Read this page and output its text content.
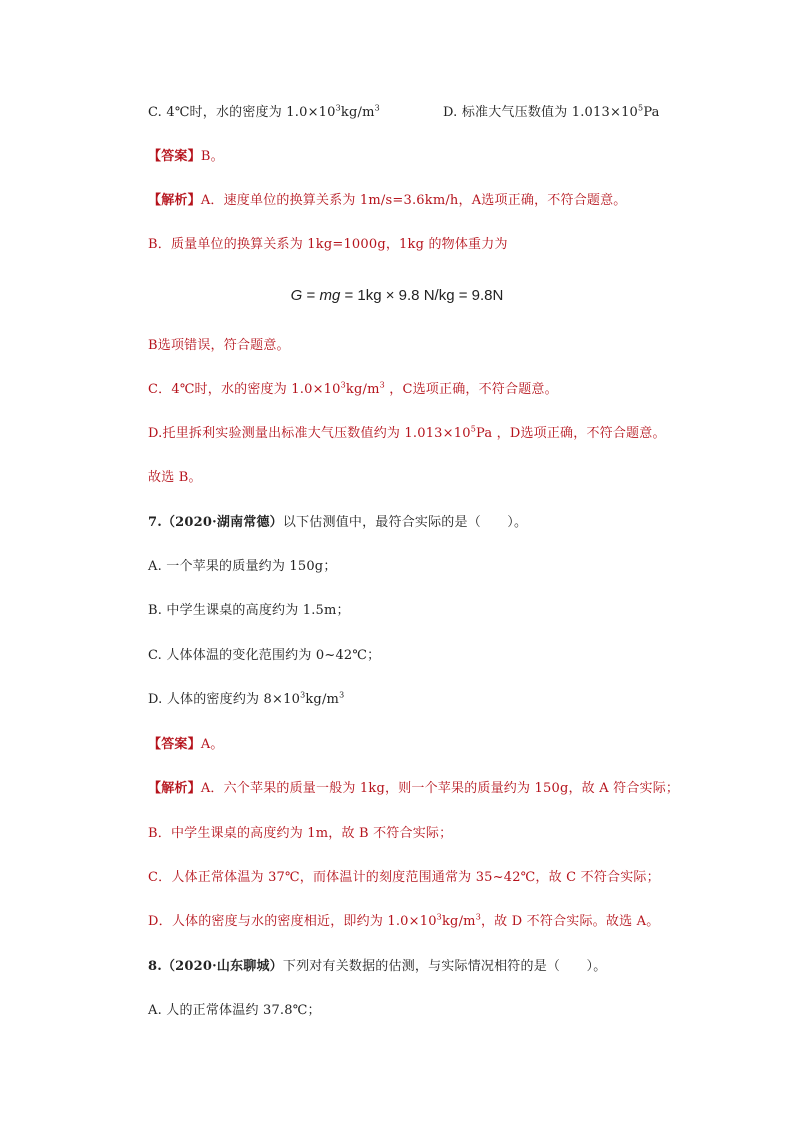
C. 4℃时，水的密度为 $1.0\times 10^3kg/m^3$	D. 标准大气压数值为 $1.013\times 10^5Pa$
【答案】B。
【解析】A．速度单位的换算关系为 1m/s=3.6km/h，A选项正确，不符合题意。
B．质量单位的换算关系为 1kg=1000g，1kg 的物体重力为
G = mg = 1kg × 9.8 N/kg = 9.8N
B选项错误，符合题意。
C．4℃时，水的密度为 $1.0\times 10^3kg/m^3$ ，C选项正确，不符合题意。
D.托里拆利实验测量出标准大气压数值约为 $1.013\times 10^5Pa$ ，D选项正确，不符合题意。
故选 B。
7.（2020·湖南常德）以下估测值中，最符合实际的是（　　）。
A. 一个苹果的质量约为 150g；
B. 中学生课桌的高度约为 1.5m；
C. 人体体温的变化范围约为 0~42℃；
D. 人体的密度约为 $8\times 10^3kg/m^3$
【答案】A。
【解析】A．六个苹果的质量一般为 1kg，则一个苹果的质量约为 150g，故 A 符合实际；
B．中学生课桌的高度约为 1m，故 B 不符合实际；
C．人体正常体温为 37℃，而体温计的刻度范围通常为 35~42℃，故 C 不符合实际；
D．人体的密度与水的密度相近，即约为 $1.0\times 10^3kg/m^3$，故 D 不符合实际。故选 A。
8.（2020·山东聊城）下列对有关数据的估测，与实际情况相符的是（　　）。
A. 人的正常体温约 37.8℃；
